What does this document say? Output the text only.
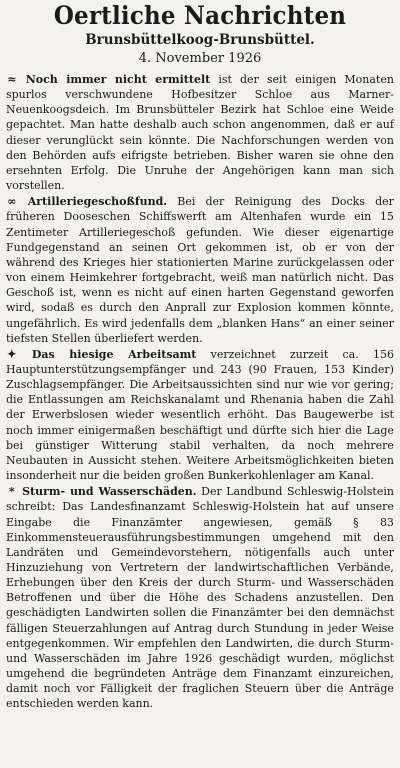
Oertliche Nachrichten
Brunsbüttelkoog-Brunsbüttel.
4. November 1926

≈ Noch immer nicht ermittelt ist der seit einigen Monaten spurlos verschwundene Hofbesitzer Schloe aus Marner-Neuenkoogsdeich. Im Brunsbütteler Bezirk hat Schloe eine Weide gepachtet. Man hatte deshalb auch schon angenommen, daß er auf dieser verunglückt sein könnte. Die Nachforschungen werden von den Behörden aufs eifrigste betrieben. Bisher waren sie ohne den ersehnten Erfolg. Die Unruhe der Angehörigen kann man sich vorstellen.

∞ Artilleriegeschoßfund. Bei der Reinigung des Docks der früheren Dooseschen Schiffswerft am Altenhafen wurde ein 15 Zentimeter Artilleriegeschoß gefunden. Wie dieser eigenartige Fundgegenstand an seinen Ort gekommen ist, ob er von der während des Krieges hier stationierten Marine zurückgelassen oder von einem Heimkehrer fortgebracht, weiß man natürlich nicht. Das Geschoß ist, wenn es nicht auf einen harten Gegenstand geworfen wird, sodaß es durch den Anprall zur Explosion kommen könnte, ungefährlich. Es wird jedenfalls dem „blanken Hans“ an einer seiner tiefsten Stellen überliefert werden.

✦ Das hiesige Arbeitsamt verzeichnet zurzeit ca. 156 Hauptunterstützungsempfänger und 243 (90 Frauen, 153 Kinder) Zuschlagsempfänger. Die Arbeitsaussichten sind nur wie vor gering; die Entlassungen am Reichskanalamt und Rhenania haben die Zahl der Erwerbslosen wieder wesentlich erhöht. Das Baugewerbe ist noch immer einigermaßen beschäftigt und dürfte sich hier die Lage bei günstiger Witterung stabil verhalten, da noch mehrere Neubauten in Aussicht stehen. Weitere Arbeitsmöglichkeiten bieten insonderheit nur die beiden großen Bunkerkohlenlager am Kanal.

* Sturm- und Wasserschäden. Der Landbund Schleswig-Holstein schreibt: Das Landesfinanzamt Schleswig-Holstein hat auf unsere Eingabe die Finanzämter angewiesen, gemäß § 83 Einkommensteuerausführungsbestimmungen umgehend mit den Landräten und Gemeindevorstehern, nötigenfalls auch unter Hinzuziehung von Vertretern der landwirtschaftlichen Verbände, Erhebungen über den Kreis der durch Sturm- und Wasserschäden Betroffenen und über die Höhe des Schadens anzustellen. Den geschädigten Landwirten sollen die Finanzämter bei den demnächst fälligen Steuerzahlungen auf Antrag durch Stundung in jeder Weise entgegenkommen. Wir empfehlen den Landwirten, die durch Sturm- und Wasserschäden im Jahre 1926 geschädigt wurden, möglichst umgehend die begründeten Anträge dem Finanzamt einzureichen, damit noch vor Fälligkeit der fraglichen Steuern über die Anträge entschieden werden kann.
